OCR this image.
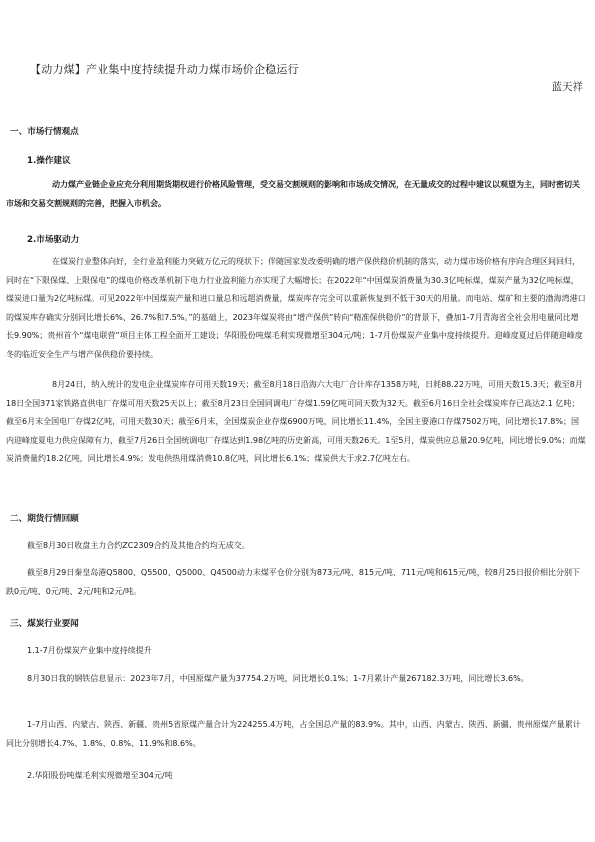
【动力煤】产业集中度持续提升动力煤市场价企稳运行
蓝天祥
一、市场行情观点
1.操作建议

动力煤产业链企业应充分利用期货期权进行价格风险管理，受交易交割规则的影响和市场成交情况，在无量成交的过程中建议以观望为主，同时密切关市场和交易交割规则的完善，把握入市机会。

2.市场驱动力

在煤炭行业整体向好，全行业盈利能力突破万亿元的现状下；伴随国家发改委明确的增产保供稳价机制的落实，动力煤市场价格有序向合理区间回归，同时在“下限保煤、上限保电”的煤电价格改革机制下电力行业盈利能力亦实现了大幅增长；在2022年“中国煤炭消费量为30.3亿吨标煤，煤炭产量为32亿吨标煤，煤炭进口量为2亿吨标煤。可见2022年中国煤炭产量和进口量总和远超消费量，煤炭库存完全可以重新恢复到不低于30天的用量。而电站、煤矿和主要的渤海湾港口的煤炭库存确实分别同比增长6%、26.7%和7.5%。”的基础上，2023年煤炭将由“增产保供”转向“精准保供稳价”的背景下，叠加1-7月青海省全社会用电量同比增长9.90%；贵州首个“煤电联营”项目主体工程全面开工建设；华阳股份吨煤毛利实现微增至304元/吨；1-7月份煤炭产业集中度持续提升。迎峰度夏过后伴随迎峰度冬的临近安全生产与增产保供稳价要持续。

8月24日，纳入统计的发电企业煤炭库存可用天数19天；截至8月18日沿海六大电厂合计库存1358万吨，日耗88.22万吨，可用天数15.3天；截至8月18日全国371家铁路直供电厂存煤可用天数25天以上；截至8月23日全国同调电厂存煤1.59亿吨可同天数为32天。截至6月16日全社会煤炭库存已高达2.1 亿吨；截至6月末全国电厂存煤2亿吨，可用天数30天；截至6月末，全国煤炭企业存煤6900万吨，同比增长11.4%，全国主要港口存煤7502万吨，同比增长17.8%；国内迎峰度夏电力供应保障有力，截至7月26日全国统调电厂存煤达到1.98亿吨的历史新高，可用天数26天。1至5月，煤炭供应总量20.9亿吨，同比增长9.0%；而煤炭消费量约18.2亿吨，同比增长4.9%；发电供热用煤消费10.8亿吨，同比增长6.1%；煤炭供大于求2.7亿吨左右。

二、期货行情回顾
截至8月30日收盘主力合约ZC2309合约及其他合约均无成交。

截至8月29日秦皇岛港Q5800、Q5500、Q5000、Q4500动力末煤平仓价分别为873元/吨、815元/吨、711元/吨和615元/吨，较8月25日报价相比分别下跌0元/吨、0元/吨、2元/吨和2元/吨。

三、煤炭行业要闻
1.1-7月份煤炭产业集中度持续提升

8月30日我的钢铁信息显示：2023年7月，中国原煤产量为37754.2万吨，同比增长0.1%；1-7月累计产量267182.3万吨，同比增长3.6%。

1-7月山西、内蒙古、陕西、新疆、贵州5省原煤产量合计为224255.4万吨，占全国总产量的83.9%。其中，山西、内蒙古、陕西、新疆、贵州原煤产量累计同比分别增长4.7%、1.8%、0.8%、11.9%和8.6%。

2.华阳股份吨煤毛利实现微增至304元/吨
